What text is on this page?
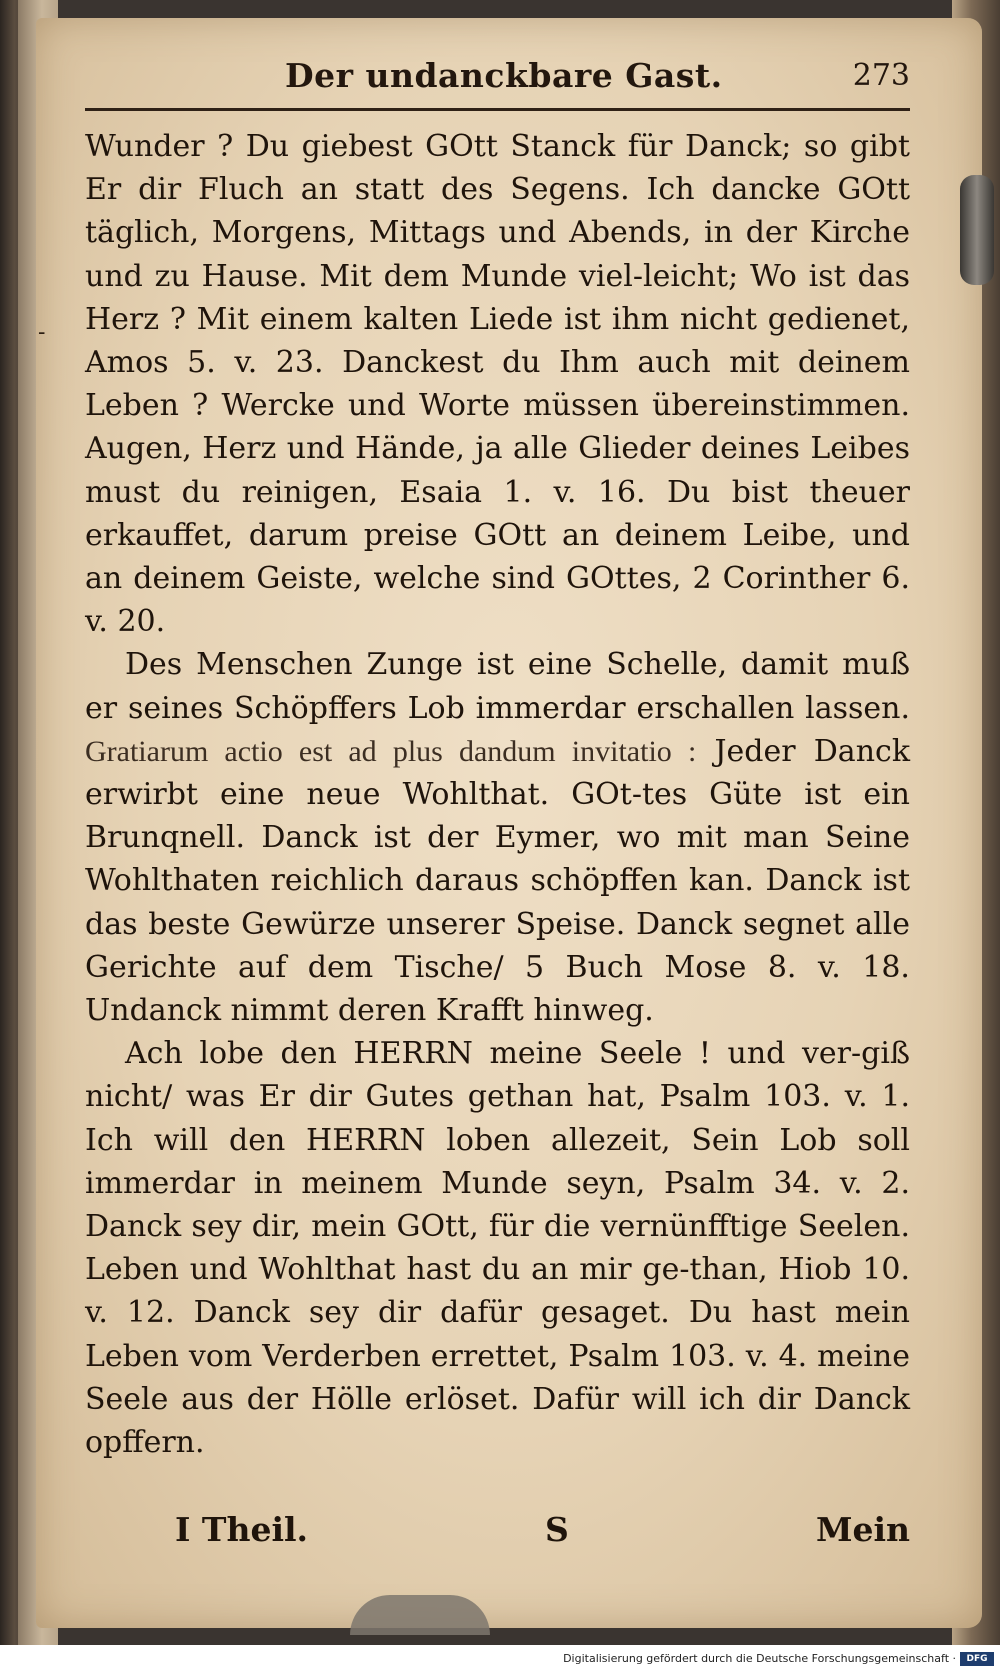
-
Der undanckbare Gast.	273

Wunder ? Du giebest GOtt Stanck für Danck; so gibt Er dir Fluch an statt des Segens. Ich dancke GOtt täglich, Morgens, Mittags und Abends, in der Kirche und zu Hause. Mit dem Munde viel-leicht; Wo ist das Herz ? Mit einem kalten Liede ist ihm nicht gedienet, Amos 5. v. 23. Danckest du Ihm auch mit deinem Leben ? Wercke und Worte müssen übereinstimmen. Augen, Herz und Hände, ja alle Glieder deines Leibes must du reinigen, Esaia 1. v. 16. Du bist theuer erkauffet, darum preise GOtt an deinem Leibe, und an deinem Geiste, welche sind GOttes, 2 Corinther 6. v. 20.

Des Menschen Zunge ist eine Schelle, damit muß er seines Schöpffers Lob immerdar erschallen lassen. Gratiarum actio est ad plus dandum invitatio : Jeder Danck erwirbt eine neue Wohlthat. GOt-tes Güte ist ein Brunqnell. Danck ist der Eymer, wo mit man Seine Wohlthaten reichlich daraus schöpffen kan. Danck ist das beste Gewürze unserer Speise. Danck segnet alle Gerichte auf dem Tische/ 5 Buch Mose 8. v. 18. Undanck nimmt deren Krafft hinweg.

Ach lobe den HERRN meine Seele ! und ver-giß nicht/ was Er dir Gutes gethan hat, Psalm 103. v. 1. Ich will den HERRN loben allezeit, Sein Lob soll immerdar in meinem Munde seyn, Psalm 34. v. 2. Danck sey dir, mein GOtt, für die vernünfftige Seelen. Leben und Wohlthat hast du an mir ge-than, Hiob 10. v. 12. Danck sey dir dafür gesaget. Du hast mein Leben vom Verderben errettet, Psalm 103. v. 4. meine Seele aus der Hölle erlöset. Dafür will ich dir Danck opffern.

I Theil.	S	Mein
Digitalisierung gefördert durch die Deutsche Forschungsgemeinschaft ·	DFG
